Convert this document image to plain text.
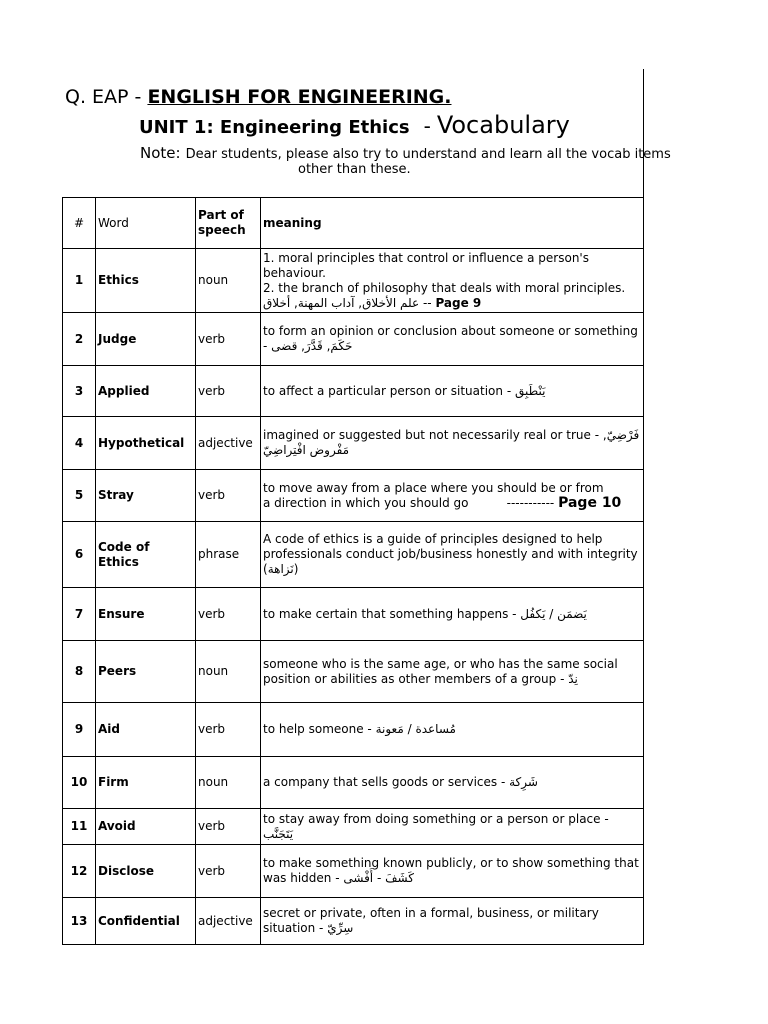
Q. EAP - ENGLISH FOR ENGINEERING.
UNIT 1: Engineering Ethics - Vocabulary
Note: Dear students, please also try to understand and learn all the vocab items
other than these.
#	Word	Part of speech	meaning
1	Ethics	noun	1. moral principles that control or influence a person's behaviour.
2. the branch of philosophy that deals with moral principles. علم الأخلاق, آداب المهنة, أخلاق -- Page 9

2	Judge	verb	to form an opinion or conclusion about someone or something - حَكَمَ, قَدَّرَ, قضى
3	Applied	verb	to affect a particular person or situation - يَنْطَبِق
4	Hypothetical	adjective	imagined or suggested but not necessarily real or true - فَرْضِيّ, مَفْروض افْتِراضِيّ
5	Stray	verb	to move away from a place where you should be or from
a direction in which you should go          ----------- Page 10

6	Code of Ethics	phrase	A code of ethics is a guide of principles designed to help professionals conduct job/business honestly and with integrity (نَزاهة)
7	Ensure	verb	to make certain that something happens - يَضمَن / يَكفُل
8	Peers	noun	someone who is the same age, or who has the same social position or abilities as other members of a group - نِدّ
9	Aid	verb	to help someone - مُساعدة / مَعونة
10	Firm	noun	a company that sells goods or services - شَرِكة
11	Avoid	verb	to stay away from doing something or a person or place - يَتَجَنَّب
12	Disclose	verb	to make something known publicly, or to show something that was hidden - كَشَفَ - أَفْشى
13	Confidential	adjective	secret or private, often in a formal, business, or military situation - سِرِّيّ
